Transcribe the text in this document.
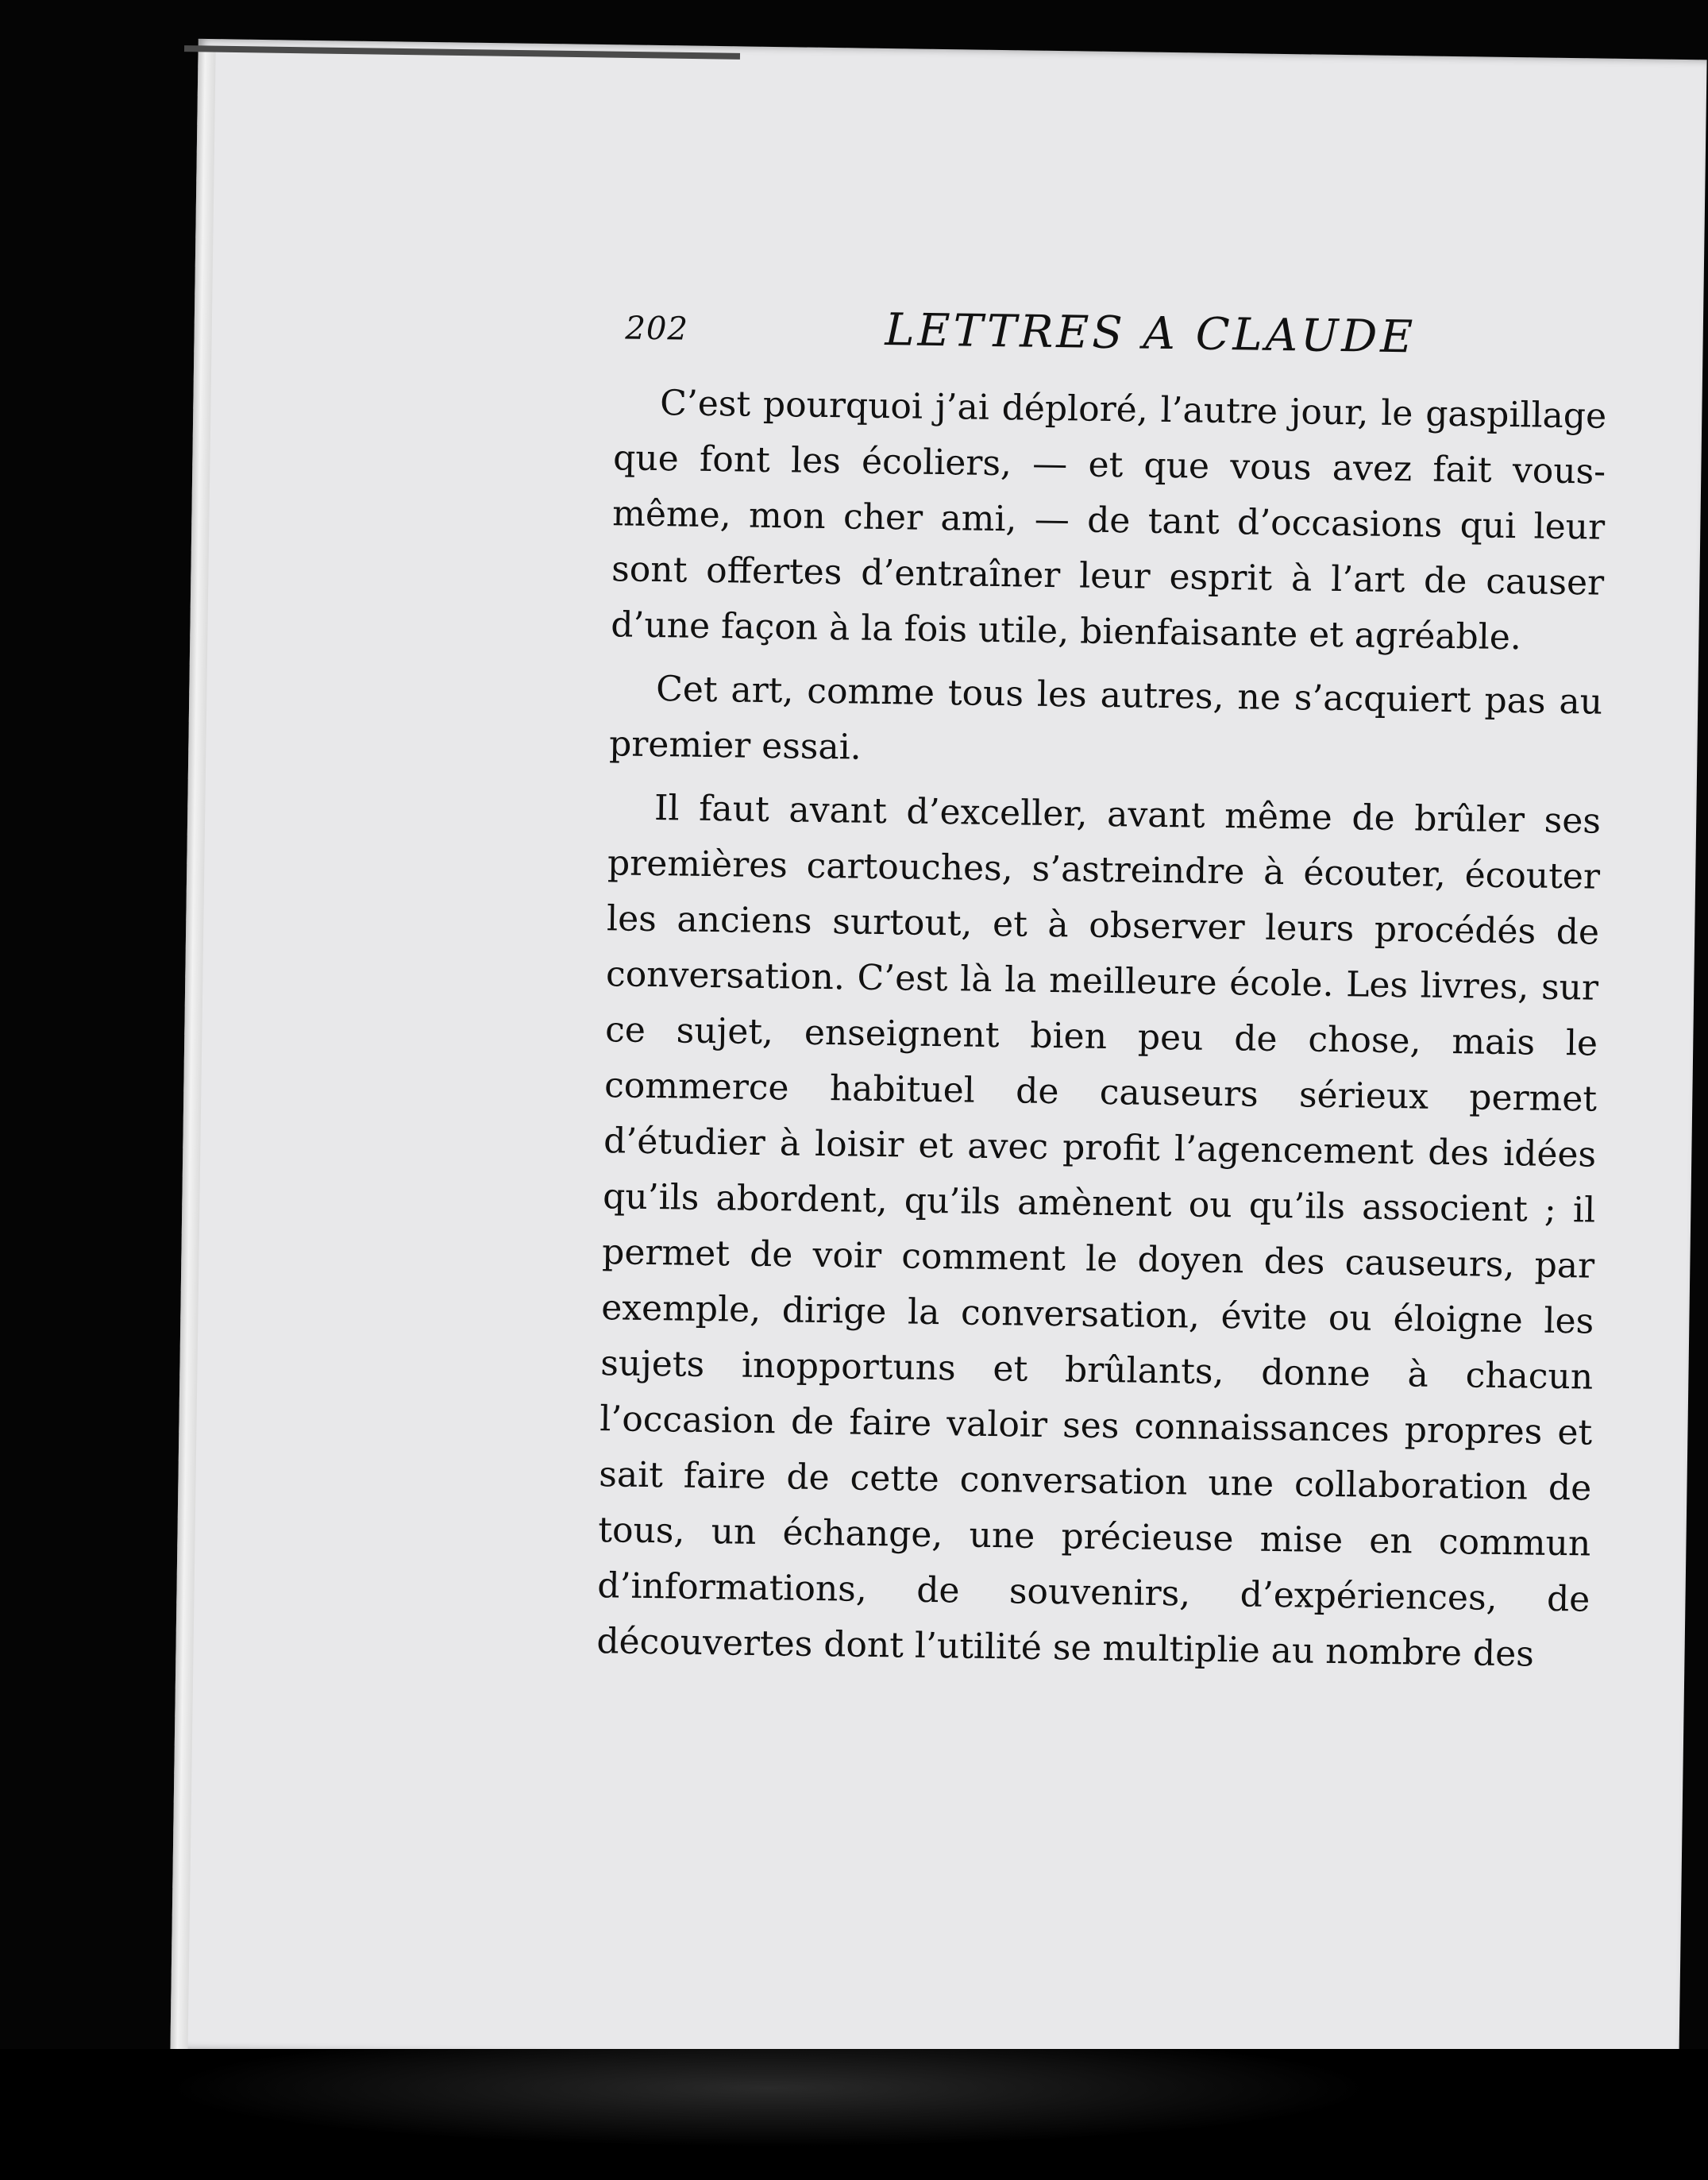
202	LETTRES A CLAUDE

C’est pourquoi j’ai déploré, l’autre jour, le gaspillage que font les écoliers, — et que vous avez fait vous-même, mon cher ami, — de tant d’occasions qui leur sont offertes d’entraîner leur esprit à l’art de causer d’une façon à la fois utile, bienfaisante et agréable.

Cet art, comme tous les autres, ne s’acquiert pas au premier essai.

Il faut avant d’exceller, avant même de brûler ses premières cartouches, s’astreindre à écouter, écouter les anciens surtout, et à observer leurs procédés de conversation. C’est là la meilleure école. Les livres, sur ce sujet, enseignent bien peu de chose, mais le commerce habituel de causeurs sérieux permet d’étudier à loisir et avec profit l’agencement des idées qu’ils abordent, qu’ils amènent ou qu’ils associent ; il permet de voir comment le doyen des causeurs, par exemple, dirige la conversation, évite ou éloigne les sujets inopportuns et brûlants, donne à chacun l’occasion de faire valoir ses connaissances propres et sait faire de cette conversation une collaboration de tous, un échange, une précieuse mise en commun d’informations, de souvenirs, d’expériences, de découvertes dont l’utilité se multiplie au nombre des
